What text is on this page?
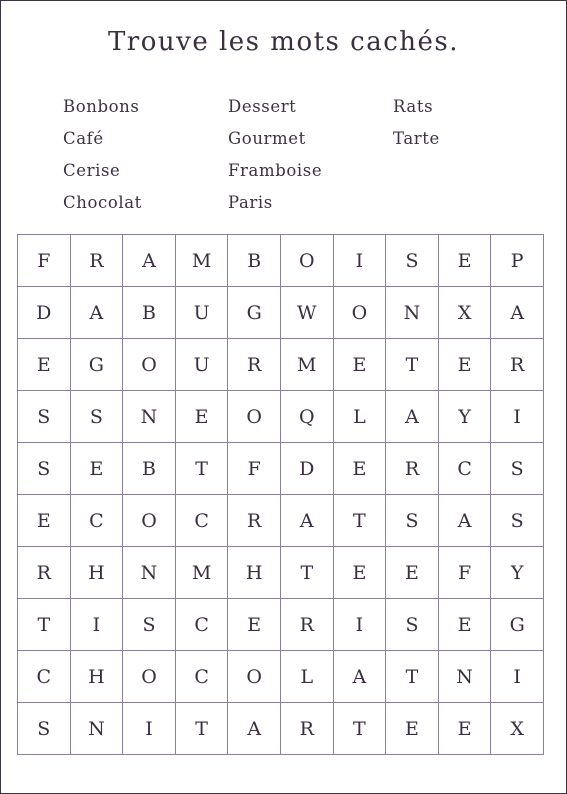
Trouve les mots cachés.
Bonbons	Dessert	Rats
Café	Gourmet	Tarte
Cerise	Framboise
Chocolat	Paris
F R A M B O I S E P
D A B U G W O N X A
E G O U R M E T E R
S S N E O Q L A Y I
S E B T F D E R C S
E C O C R A T S A S
R H N M H T E E F Y
T I S C E R I S E G
C H O C O L A T N I
S N I T A R T E E X
